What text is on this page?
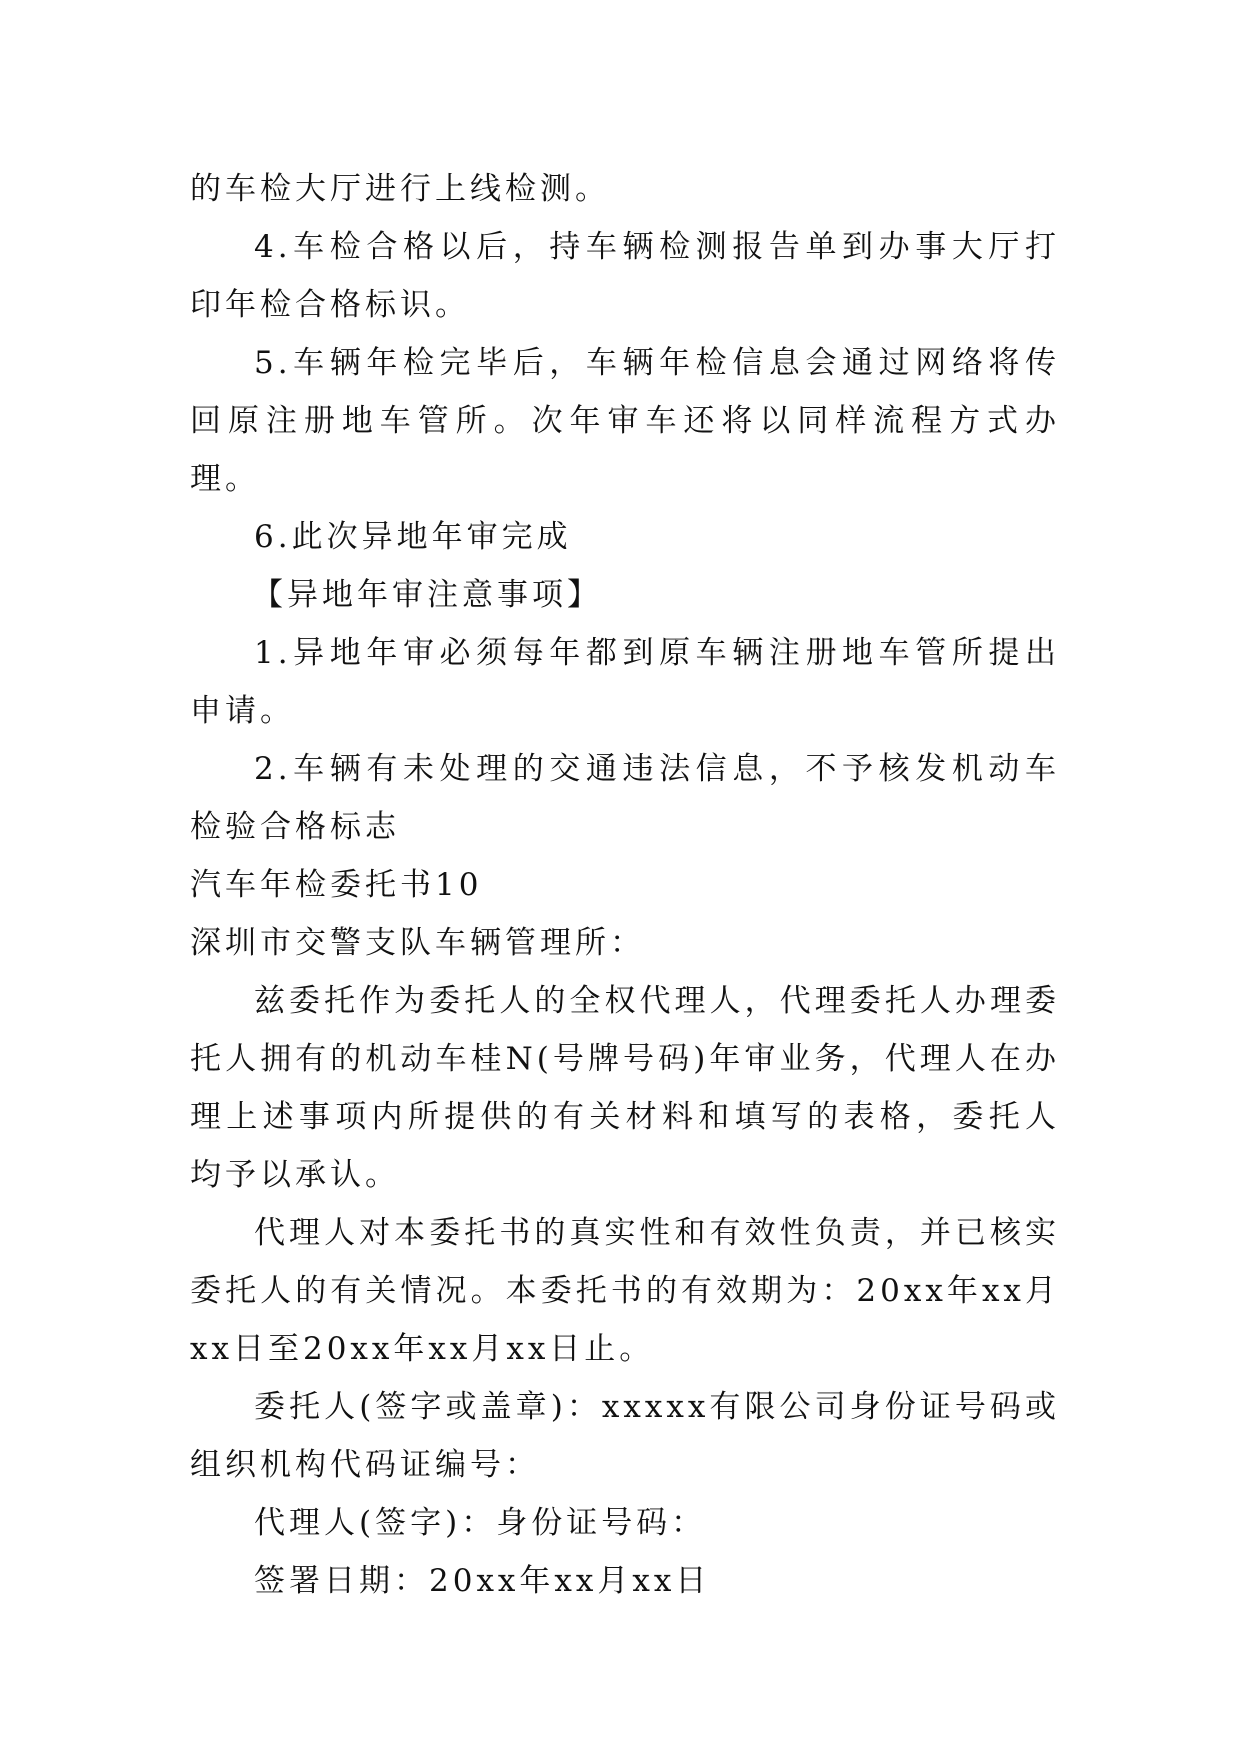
的车检大厅进行上线检测。

4.车检合格以后，持车辆检测报告单到办事大厅打印年检合格标识。

5.车辆年检完毕后，车辆年检信息会通过网络将传回原注册地车管所。次年审车还将以同样流程方式办理。

6.此次异地年审完成

【异地年审注意事项】

1.异地年审必须每年都到原车辆注册地车管所提出申请。

2.车辆有未处理的交通违法信息，不予核发机动车检验合格标志

汽车年检委托书10

深圳市交警支队车辆管理所：

兹委托作为委托人的全权代理人，代理委托人办理委托人拥有的机动车桂N(号牌号码)年审业务，代理人在办理上述事项内所提供的有关材料和填写的表格，委托人均予以承认。

代理人对本委托书的真实性和有效性负责，并已核实委托人的有关情况。本委托书的有效期为：20xx年xx月xx日至20xx年xx月xx日止。

委托人(签字或盖章)：xxxxx有限公司身份证号码或组织机构代码证编号：

代理人(签字)：身份证号码：

签署日期：20xx年xx月xx日
